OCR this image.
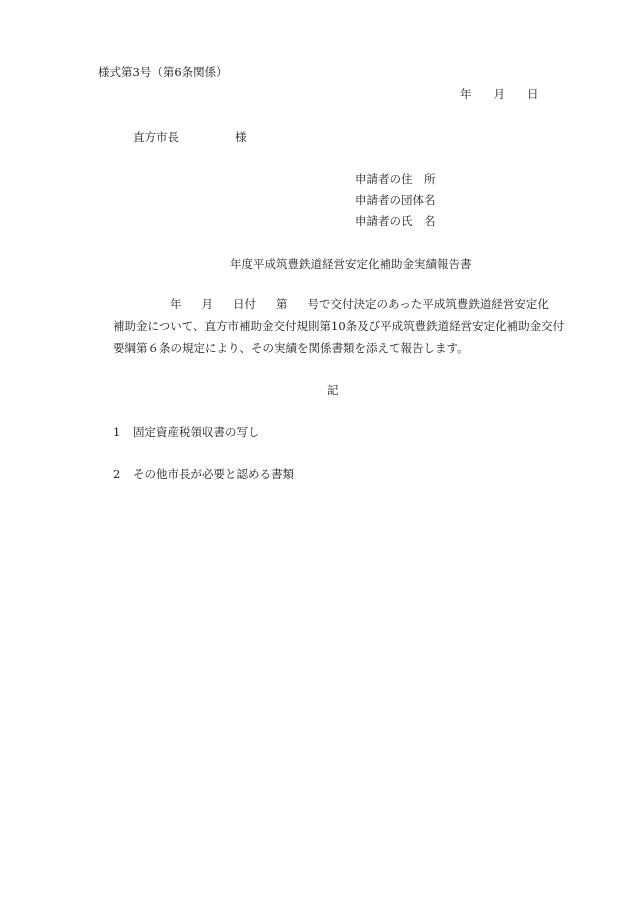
様式第3号（第6条関係）
年 月 日
直方市長	様
申請者の住　所
申請者の団体名
申請者の氏　名
年度平成筑豊鉄道経営安定化補助金実績報告書
年 月 日付 第 号で交付決定のあった平成筑豊鉄道経営安定化
補助金について、直方市補助金交付規則第10条及び平成筑豊鉄道経営安定化補助金交付
要綱第６条の規定により、その実績を関係書類を添えて報告します。
記
1 固定資産税領収書の写し
2 その他市長が必要と認める書類
